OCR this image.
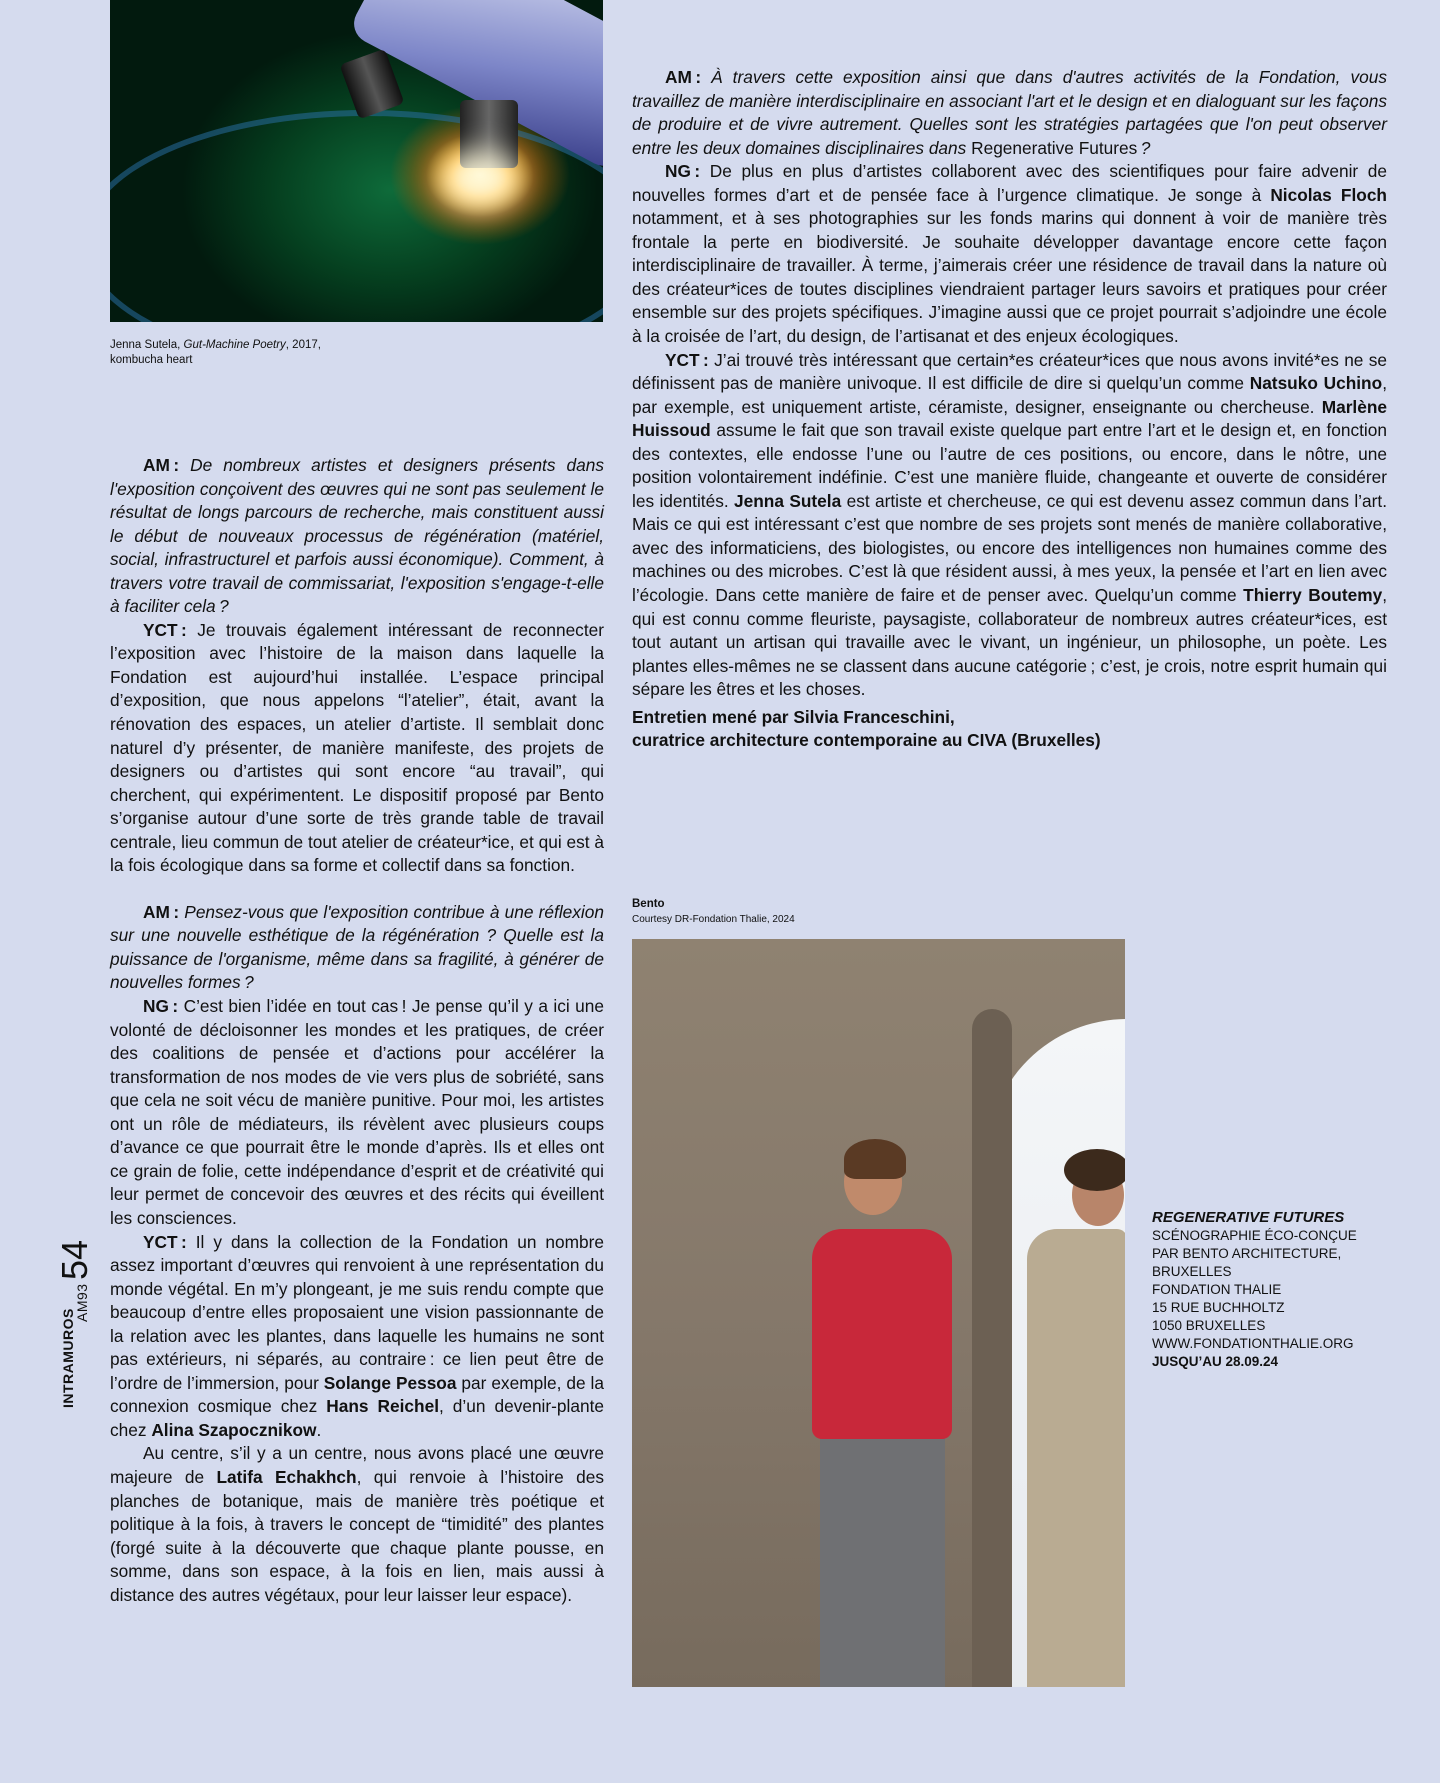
Jenna Sutela, Gut-Machine Poetry, 2017,
kombucha heart

AM : De nombreux artistes et designers présents dans l'exposition conçoivent des œuvres qui ne sont pas seulement le résultat de longs parcours de recherche, mais constituent aussi le début de nouveaux processus de régénération (matériel, social, infrastructurel et parfois aussi économique). Comment, à travers votre travail de commissariat, l'exposition s'engage-t-elle à faciliter cela ?

YCT : Je trouvais également intéressant de reconnecter l’exposition avec l’histoire de la maison dans laquelle la Fondation est aujourd’hui installée. L’espace principal d’exposition, que nous appelons “l’atelier”, était, avant la rénovation des espaces, un atelier d’artiste. Il semblait donc naturel d’y présenter, de manière manifeste, des projets de designers ou d’artistes qui sont encore “au travail”, qui cherchent, qui expérimentent. Le dispositif proposé par Bento s’organise autour d’une sorte de très grande table de travail centrale, lieu commun de tout atelier de créateur*ice, et qui est à la fois écologique dans sa forme et collectif dans sa fonction.

AM : Pensez-vous que l'exposition contribue à une réflexion sur une nouvelle esthétique de la régénération ? Quelle est la puissance de l'organisme, même dans sa fragilité, à générer de nouvelles formes ?

NG : C’est bien l’idée en tout cas ! Je pense qu’il y a ici une volonté de décloisonner les mondes et les pratiques, de créer des coalitions de pensée et d’actions pour accélérer la transformation de nos modes de vie vers plus de sobriété, sans que cela ne soit vécu de manière punitive. Pour moi, les artistes ont un rôle de médiateurs, ils révèlent avec plusieurs coups d’avance ce que pourrait être le monde d’après. Ils et elles ont ce grain de folie, cette indépendance d’esprit et de créativité qui leur permet de concevoir des œuvres et des récits qui éveillent les consciences.

YCT : Il y dans la collection de la Fondation un nombre assez important d’œuvres qui renvoient à une représentation du monde végétal. En m’y plongeant, je me suis rendu compte que beaucoup d’entre elles proposaient une vision passionnante de la relation avec les plantes, dans laquelle les humains ne sont pas extérieurs, ni séparés, au contraire : ce lien peut être de l’ordre de l’immersion, pour Solange Pessoa par exemple, de la connexion cosmique chez Hans Reichel, d’un devenir-plante chez Alina Szapocznikow.

Au centre, s’il y a un centre, nous avons placé une œuvre majeure de Latifa Echakhch, qui renvoie à l’histoire des planches de botanique, mais de manière très poétique et politique à la fois, à travers le concept de “timidité” des plantes (forgé suite à la découverte que chaque plante pousse, en somme, dans son espace, à la fois en lien, mais aussi à distance des autres végétaux, pour leur laisser leur espace).

AM : À travers cette exposition ainsi que dans d'autres activités de la Fondation, vous travaillez de manière interdisciplinaire en associant l'art et le design et en dialoguant sur les façons de produire et de vivre autrement. Quelles sont les stratégies partagées que l'on peut observer entre les deux domaines disciplinaires dans Regenerative Futures ?

NG : De plus en plus d’artistes collaborent avec des scientifiques pour faire advenir de nouvelles formes d’art et de pensée face à l’urgence climatique. Je songe à Nicolas Floch notamment, et à ses photographies sur les fonds marins qui donnent à voir de manière très frontale la perte en biodiversité. Je souhaite développer davantage encore cette façon interdisciplinaire de travailler. À terme, j’aimerais créer une résidence de travail dans la nature où des créateur*ices de toutes disciplines viendraient partager leurs savoirs et pratiques pour créer ensemble sur des projets spécifiques. J’imagine aussi que ce projet pourrait s’adjoindre une école à la croisée de l’art, du design, de l’artisanat et des enjeux écologiques.

YCT : J’ai trouvé très intéressant que certain*es créateur*ices que nous avons invité*es ne se définissent pas de manière univoque. Il est difficile de dire si quelqu’un comme Natsuko Uchino, par exemple, est uniquement artiste, céramiste, designer, enseignante ou chercheuse. Marlène Huissoud assume le fait que son travail existe quelque part entre l’art et le design et, en fonction des contextes, elle endosse l’une ou l’autre de ces positions, ou encore, dans le nôtre, une position volontairement indéfinie. C’est une manière fluide, changeante et ouverte de considérer les identités. Jenna Sutela est artiste et chercheuse, ce qui est devenu assez commun dans l’art. Mais ce qui est intéressant c’est que nombre de ses projets sont menés de manière collaborative, avec des informaticiens, des biologistes, ou encore des intelligences non humaines comme des machines ou des microbes. C’est là que résident aussi, à mes yeux, la pensée et l’art en lien avec l’écologie. Dans cette manière de faire et de penser avec. Quelqu’un comme Thierry Boutemy, qui est connu comme fleuriste, paysagiste, collaborateur de nombreux autres créateur*ices, est tout autant un artisan qui travaille avec le vivant, un ingénieur, un philosophe, un poète. Les plantes elles-mêmes ne se classent dans aucune catégorie ; c’est, je crois, notre esprit humain qui sépare les êtres et les choses.

Entretien mené par Silvia Franceschini,
curatrice architecture contemporaine au CIVA (Bruxelles)

Bento
Courtesy DR-Fondation Thalie, 2024
REGENERATIVE FUTURES
SCÉNOGRAPHIE ÉCO-CONÇUE
PAR BENTO ARCHITECTURE,
BRUXELLES
FONDATION THALIE
15 RUE BUCHHOLTZ
1050 BRUXELLES
WWW.FONDATIONTHALIE.ORG
JUSQU’AU 28.09.24
54
INTRAMUROS
AM93
